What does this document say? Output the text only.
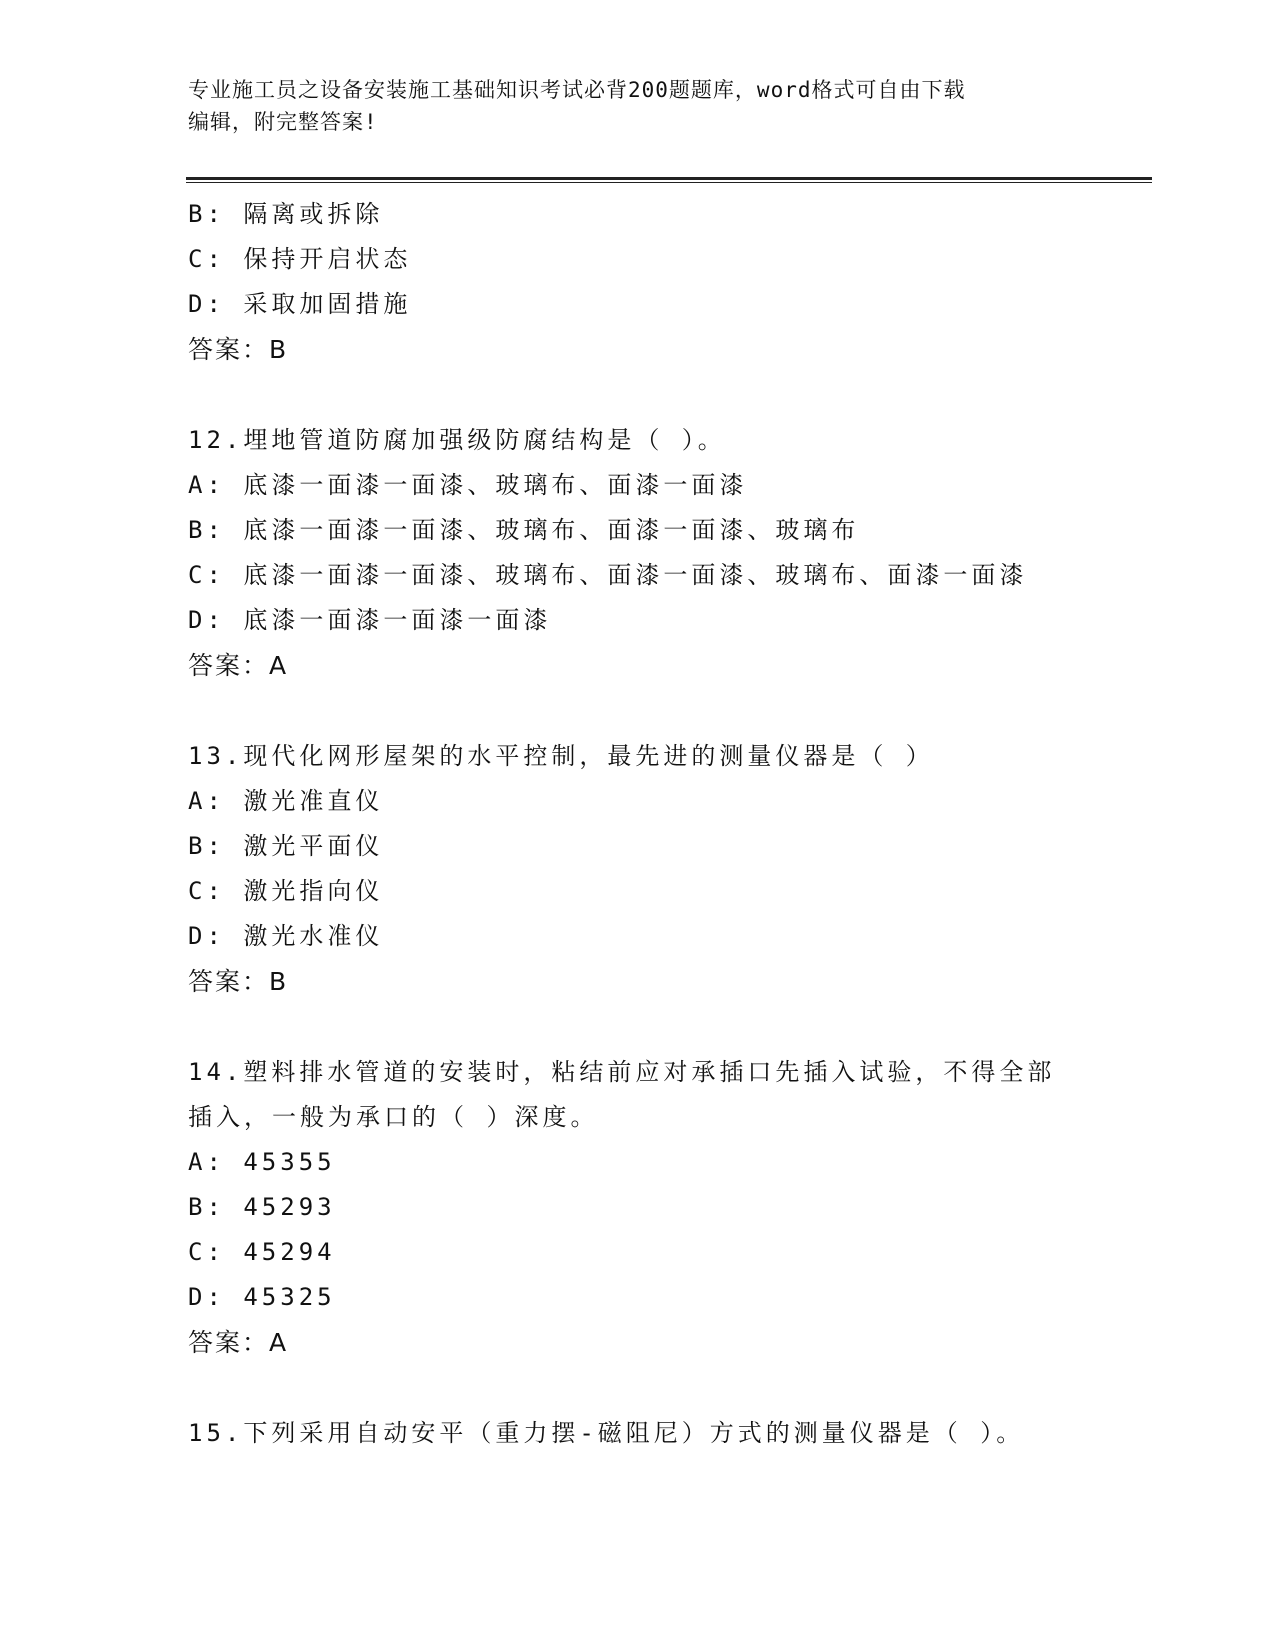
专业施工员之设备安装施工基础知识考试必背200题题库，word格式可自由下载
编辑，附完整答案!
B: 隔离或拆除
C: 保持开启状态
D: 采取加固措施
答案：B
12.埋地管道防腐加强级防腐结构是（ ）。
A: 底漆一面漆一面漆、玻璃布、面漆一面漆
B: 底漆一面漆一面漆、玻璃布、面漆一面漆、玻璃布
C: 底漆一面漆一面漆、玻璃布、面漆一面漆、玻璃布、面漆一面漆
D: 底漆一面漆一面漆一面漆
答案：A
13.现代化网形屋架的水平控制，最先进的测量仪器是（ ）
A: 激光准直仪
B: 激光平面仪
C: 激光指向仪
D: 激光水准仪
答案：B
14.塑料排水管道的安装时，粘结前应对承插口先插入试验，不得全部
插入，一般为承口的（ ）深度。
A: 45355
B: 45293
C: 45294
D: 45325
答案：A
15.下列采用自动安平（重力摆-磁阻尼）方式的测量仪器是（ ）。
